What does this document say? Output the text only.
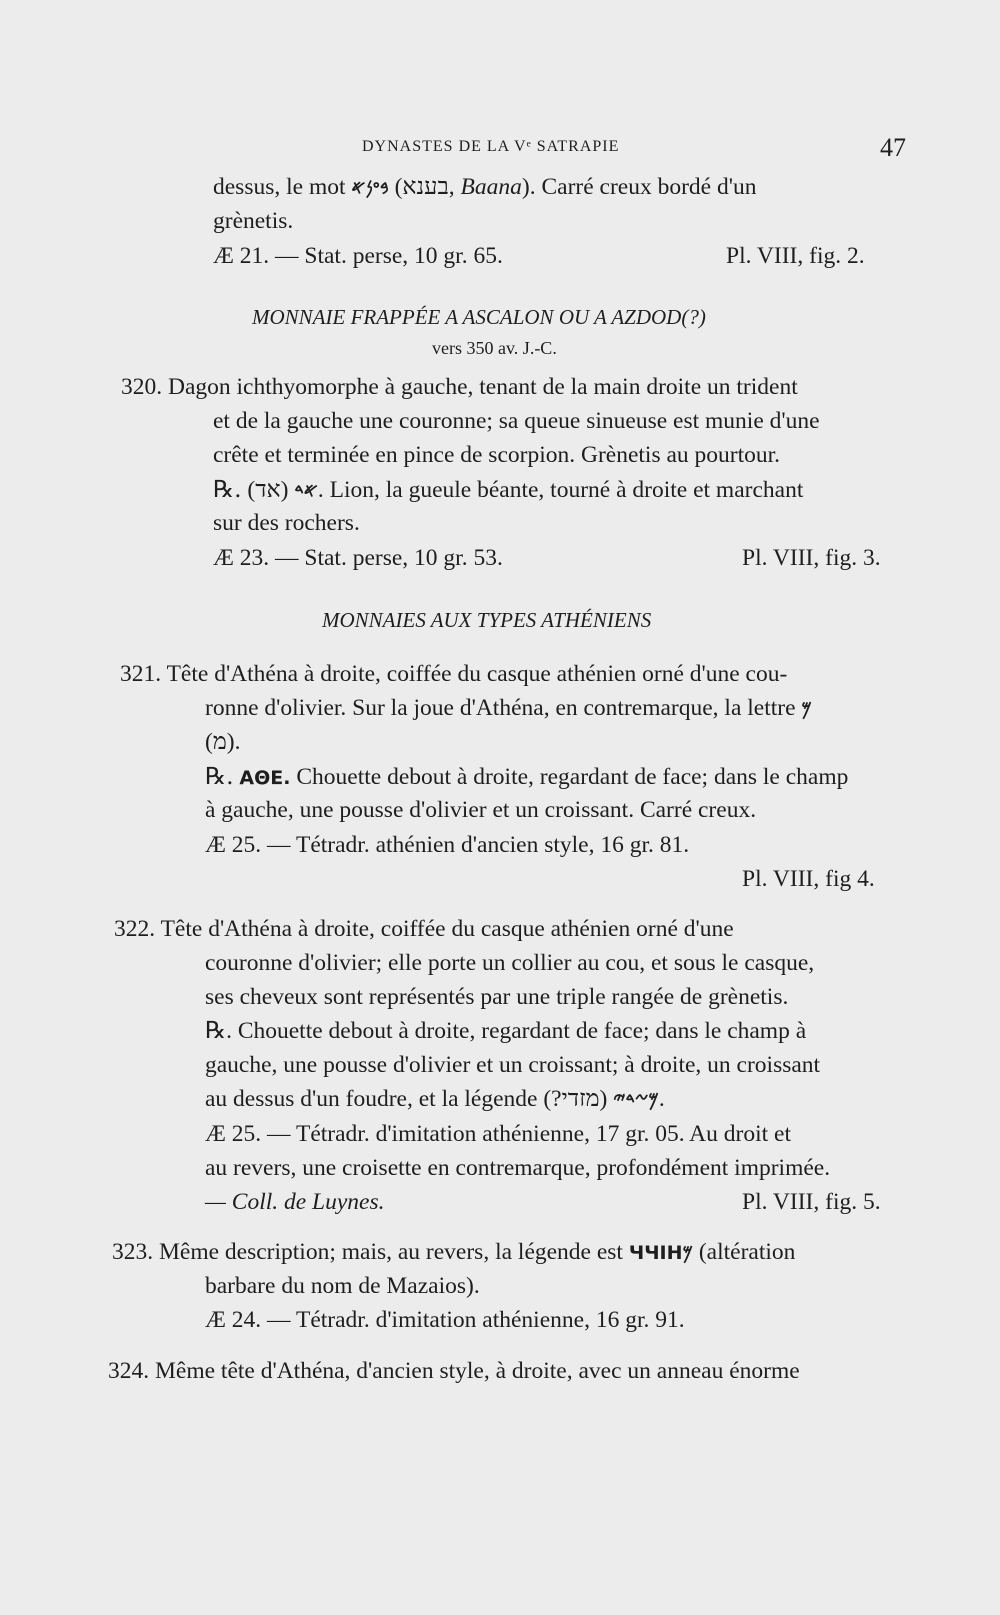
DYNASTES DE LA Vᵉ SATRAPIE	47
dessus, le mot 𐤁𐤏𐤍𐤀 (בענא, Baana). Carré creux bordé d'un
grènetis.
Æ 21. — Stat. perse, 10 gr. 65.	Pl. VIII, fig. 2.
MONNAIE FRAPPÉE A ASCALON OU A AZDOD(?)
vers 350 av. J.-C.
320. Dagon ichthyomorphe à gauche, tenant de la main droite un trident
et de la gauche une couronne; sa queue sinueuse est munie d'une
crête et terminée en pince de scorpion. Grènetis au pourtour.
℞.	𐤀𐤃 (אד). Lion, la gueule béante, tourné à droite et marchant
sur des rochers.
Æ 23. — Stat. perse, 10 gr. 53.	Pl. VIII, fig. 3.
MONNAIES AUX TYPES ATHÉNIENS
321. Tête d'Athéna à droite, coiffée du casque athénien orné d'une cou-
ronne d'olivier. Sur la joue d'Athéna, en contremarque, la lettre 𐤌
(מ).
℞. ΑΘΕ. Chouette debout à droite, regardant de face; dans le champ
à gauche, une pousse d'olivier et un croissant. Carré creux.
Æ 25. — Tétradr. athénien d'ancien style, 16 gr. 81.
Pl. VIII, fig 4.
322. Tête d'Athéna à droite, coiffée du casque athénien orné d'une
couronne d'olivier; elle porte un collier au cou, et sous le casque,
ses cheveux sont représentés par une triple rangée de grènetis.
℞. Chouette debout à droite, regardant de face; dans le champ à
gauche, une pousse d'olivier et un croissant; à droite, un croissant
au dessus d'un foudre, et la légende	𐤌𐤆𐤃𐤉 (מזדי?).
Æ 25. — Tétradr. d'imitation athénienne, 17 gr. 05. Au droit et
au revers, une croisette en contremarque, profondément imprimée.
— Coll. de Luynes.	Pl. VIII, fig. 5.
323. Même description; mais, au revers, la légende est ЧЧІН𐤌 (altération
barbare du nom de Mazaios).
Æ 24. — Tétradr. d'imitation athénienne, 16 gr. 91.
324. Même tête d'Athéna, d'ancien style, à droite, avec un anneau énorme
